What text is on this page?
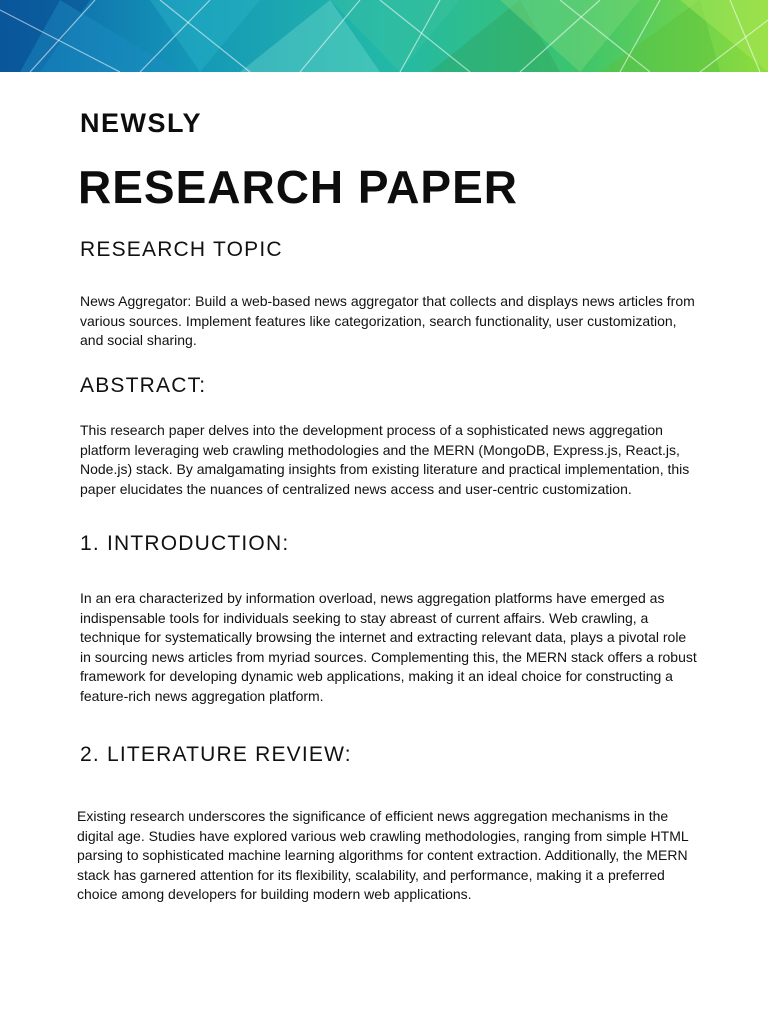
NEWSLY
RESEARCH PAPER
RESEARCH TOPIC
News Aggregator: Build a web-based news aggregator that collects and displays news articles from various sources. Implement features like categorization, search functionality, user customization, and social sharing.
ABSTRACT:
This research paper delves into the development process of a sophisticated news aggregation platform leveraging web crawling methodologies and the MERN (MongoDB, Express.js, React.js, Node.js) stack. By amalgamating insights from existing literature and practical implementation, this paper elucidates the nuances of centralized news access and user-centric customization.
1. INTRODUCTION:
In an era characterized by information overload, news aggregation platforms have emerged as indispensable tools for individuals seeking to stay abreast of current affairs. Web crawling, a technique for systematically browsing the internet and extracting relevant data, plays a pivotal role in sourcing news articles from myriad sources. Complementing this, the MERN stack offers a robust framework for developing dynamic web applications, making it an ideal choice for constructing a feature-rich news aggregation platform.
2. LITERATURE REVIEW:
Existing research underscores the significance of efficient news aggregation mechanisms in the digital age. Studies have explored various web crawling methodologies, ranging from simple HTML parsing to sophisticated machine learning algorithms for content extraction. Additionally, the MERN stack has garnered attention for its flexibility, scalability, and performance, making it a preferred choice among developers for building modern web applications.
